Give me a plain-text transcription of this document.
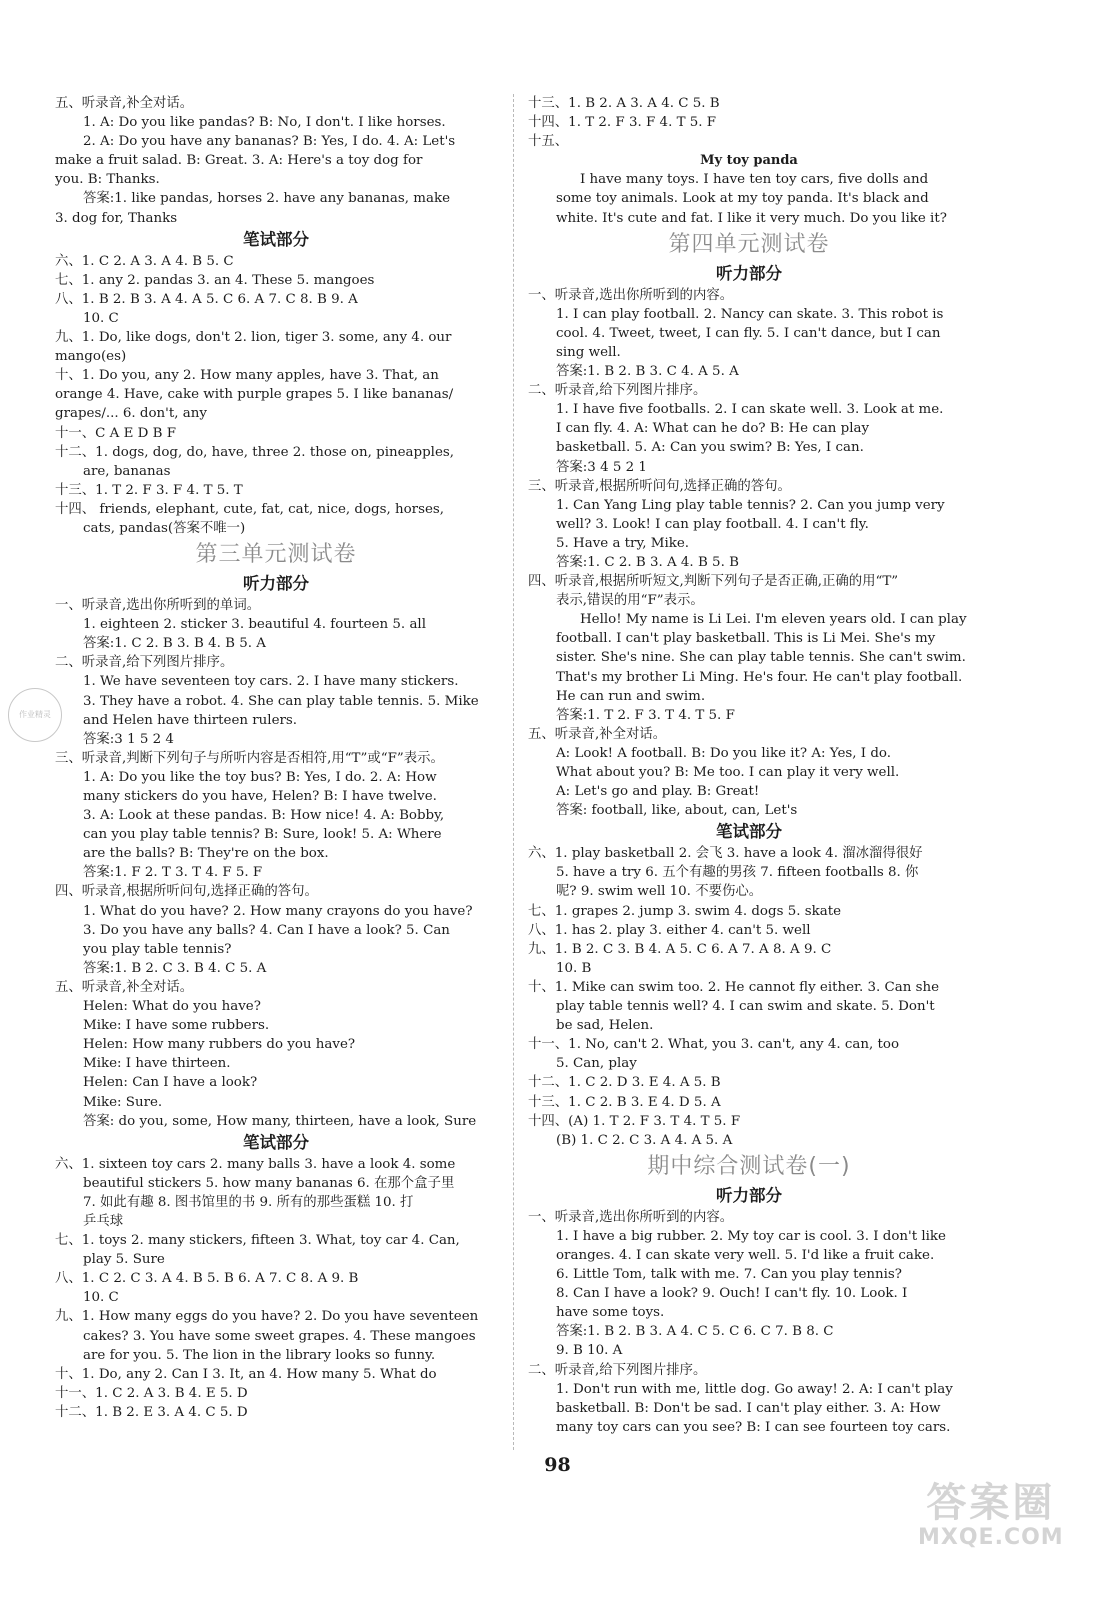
五、听录音,补全对话。
1. A: Do you like pandas? B: No, I don't. I like horses.
2. A: Do you have any bananas? B: Yes, I do. 4. A: Let's
make a fruit salad. B: Great. 3. A: Here's a toy dog for
you. B: Thanks.
答案:1. like pandas, horses 2. have any bananas, make
3. dog for, Thanks
笔试部分
六、1. C 2. A 3. A 4. B 5. C
七、1. any 2. pandas 3. an 4. These 5. mangoes
八、1. B 2. B 3. A 4. A 5. C 6. A 7. C 8. B 9. A
10. C
九、1. Do, like dogs, don't 2. lion, tiger 3. some, any 4. our
mango(es)
十、1. Do you, any 2. How many apples, have 3. That, an
orange 4. Have, cake with purple grapes 5. I like bananas/
grapes/... 6. don't, any
十一、C A E D B F
十二、1. dogs, dog, do, have, three 2. those on, pineapples,
are, bananas
十三、1. T 2. F 3. F 4. T 5. T
十四、 friends, elephant, cute, fat, cat, nice, dogs, horses,
cats, pandas(答案不唯一)
第三单元测试卷
听力部分
一、听录音,选出你所听到的单词。
1. eighteen 2. sticker 3. beautiful 4. fourteen 5. all
答案:1. C 2. B 3. B 4. B 5. A
二、听录音,给下列图片排序。
1. We have seventeen toy cars. 2. I have many stickers.
3. They have a robot. 4. She can play table tennis. 5. Mike
and Helen have thirteen rulers.
答案:3 1 5 2 4
三、听录音,判断下列句子与所听内容是否相符,用“T”或“F”表示。
1. A: Do you like the toy bus? B: Yes, I do. 2. A: How
many stickers do you have, Helen? B: I have twelve.
3. A: Look at these pandas. B: How nice! 4. A: Bobby,
can you play table tennis? B: Sure, look! 5. A: Where
are the balls? B: They're on the box.
答案:1. F 2. T 3. T 4. F 5. F
四、听录音,根据所听问句,选择正确的答句。
1. What do you have? 2. How many crayons do you have?
3. Do you have any balls? 4. Can I have a look? 5. Can
you play table tennis?
答案:1. B 2. C 3. B 4. C 5. A
五、听录音,补全对话。
Helen: What do you have?
Mike: I have some rubbers.
Helen: How many rubbers do you have?
Mike: I have thirteen.
Helen: Can I have a look?
Mike: Sure.
答案: do you, some, How many, thirteen, have a look, Sure
笔试部分
六、1. sixteen toy cars 2. many balls 3. have a look 4. some
beautiful stickers 5. how many bananas 6. 在那个盒子里
7. 如此有趣 8. 图书馆里的书 9. 所有的那些蛋糕 10. 打
乒乓球
七、1. toys 2. many stickers, fifteen 3. What, toy car 4. Can,
play 5. Sure
八、1. C 2. C 3. A 4. B 5. B 6. A 7. C 8. A 9. B
10. C
九、1. How many eggs do you have? 2. Do you have seventeen
cakes? 3. You have some sweet grapes. 4. These mangoes
are for you. 5. The lion in the library looks so funny.
十、1. Do, any 2. Can I 3. It, an 4. How many 5. What do
十一、1. C 2. A 3. B 4. E 5. D
十二、1. B 2. E 3. A 4. C 5. D
十三、1. B 2. A 3. A 4. C 5. B
十四、1. T 2. F 3. F 4. T 5. F
十五、
My toy panda
I have many toys. I have ten toy cars, five dolls and
some toy animals. Look at my toy panda. It's black and
white. It's cute and fat. I like it very much. Do you like it?
第四单元测试卷
听力部分
一、听录音,选出你所听到的内容。
1. I can play football. 2. Nancy can skate. 3. This robot is
cool. 4. Tweet, tweet, I can fly. 5. I can't dance, but I can
sing well.
答案:1. B 2. B 3. C 4. A 5. A
二、听录音,给下列图片排序。
1. I have five footballs. 2. I can skate well. 3. Look at me.
I can fly. 4. A: What can he do? B: He can play
basketball. 5. A: Can you swim? B: Yes, I can.
答案:3 4 5 2 1
三、听录音,根据所听问句,选择正确的答句。
1. Can Yang Ling play table tennis? 2. Can you jump very
well? 3. Look! I can play football. 4. I can't fly.
5. Have a try, Mike.
答案:1. C 2. B 3. A 4. B 5. B
四、听录音,根据所听短文,判断下列句子是否正确,正确的用“T”
表示,错误的用“F”表示。
Hello! My name is Li Lei. I'm eleven years old. I can play
football. I can't play basketball. This is Li Mei. She's my
sister. She's nine. She can play table tennis. She can't swim.
That's my brother Li Ming. He's four. He can't play football.
He can run and swim.
答案:1. T 2. F 3. T 4. T 5. F
五、听录音,补全对话。
A: Look! A football. B: Do you like it? A: Yes, I do.
What about you? B: Me too. I can play it very well.
A: Let's go and play. B: Great!
答案: football, like, about, can, Let's
笔试部分
六、1. play basketball 2. 会飞 3. have a look 4. 溜冰溜得很好
5. have a try 6. 五个有趣的男孩 7. fifteen footballs 8. 你
呢? 9. swim well 10. 不要伤心。
七、1. grapes 2. jump 3. swim 4. dogs 5. skate
八、1. has 2. play 3. either 4. can't 5. well
九、1. B 2. C 3. B 4. A 5. C 6. A 7. A 8. A 9. C
10. B
十、1. Mike can swim too. 2. He cannot fly either. 3. Can she
play table tennis well? 4. I can swim and skate. 5. Don't
be sad, Helen.
十一、1. No, can't 2. What, you 3. can't, any 4. can, too
5. Can, play
十二、1. C 2. D 3. E 4. A 5. B
十三、1. C 2. B 3. E 4. D 5. A
十四、(A) 1. T 2. F 3. T 4. T 5. F
(B) 1. C 2. C 3. A 4. A 5. A
期中综合测试卷(一)
听力部分
一、听录音,选出你所听到的内容。
1. I have a big rubber. 2. My toy car is cool. 3. I don't like
oranges. 4. I can skate very well. 5. I'd like a fruit cake.
6. Little Tom, talk with me. 7. Can you play tennis?
8. Can I have a look? 9. Ouch! I can't fly. 10. Look. I
have some toys.
答案:1. B 2. B 3. A 4. C 5. C 6. C 7. B 8. C
9. B 10. A
二、听录音,给下列图片排序。
1. Don't run with me, little dog. Go away! 2. A: I can't play
basketball. B: Don't be sad. I can't play either. 3. A: How
many toy cars can you see? B: I can see fourteen toy cars.
作业精灵
98
答案圈
MXQE.COM
